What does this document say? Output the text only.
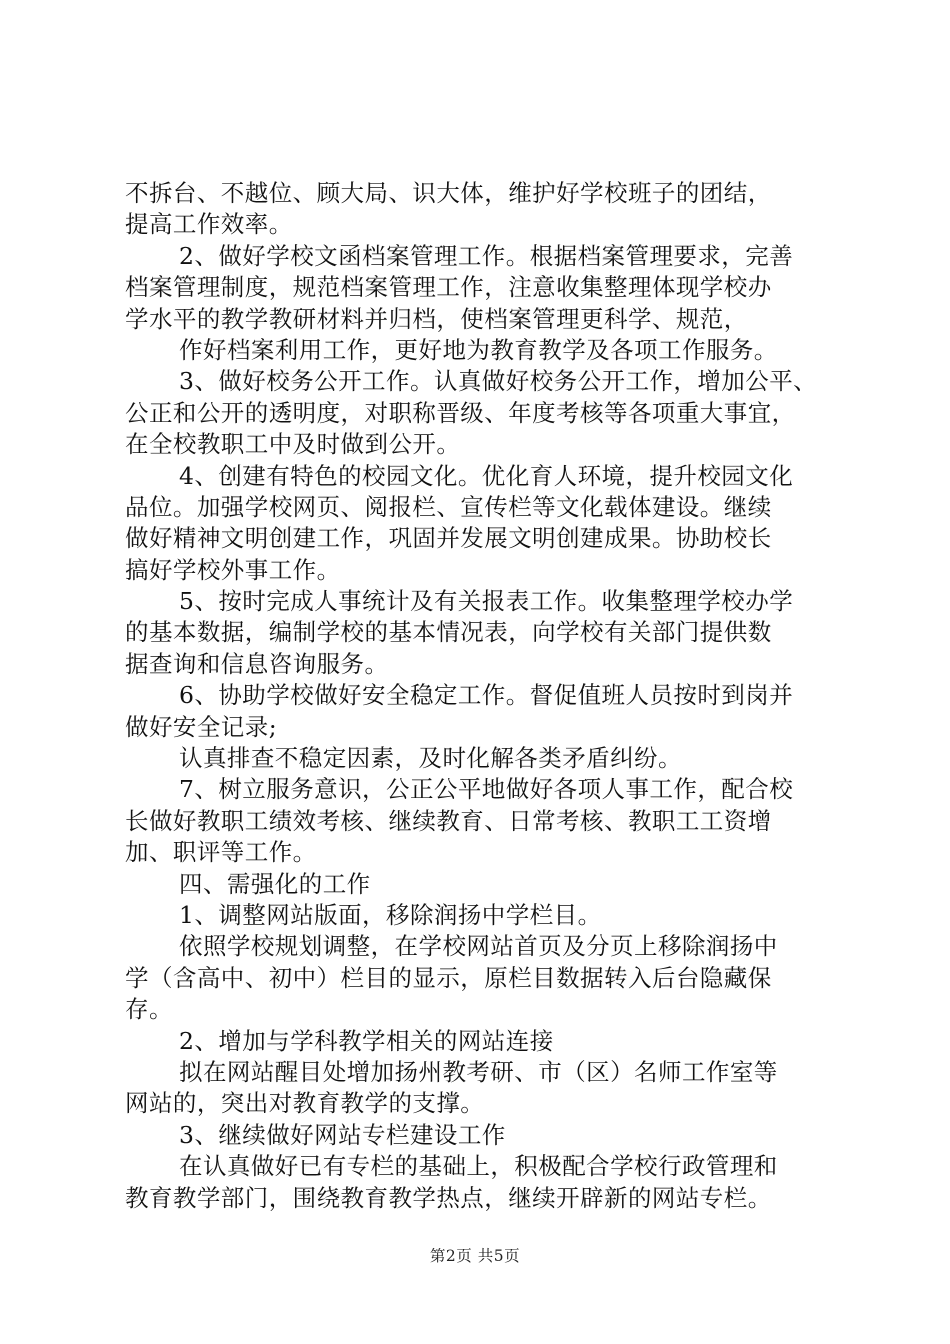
不拆台、不越位、顾大局、识大体，维护好学校班子的团结，
提高工作效率。
2、做好学校文函档案管理工作。根据档案管理要求，完善
档案管理制度，规范档案管理工作，注意收集整理体现学校办
学水平的教学教研材料并归档，使档案管理更科学、规范，
作好档案利用工作，更好地为教育教学及各项工作服务。
3、做好校务公开工作。认真做好校务公开工作，增加公平、
公正和公开的透明度，对职称晋级、年度考核等各项重大事宜，
在全校教职工中及时做到公开。
4、创建有特色的校园文化。优化育人环境，提升校园文化
品位。加强学校网页、阅报栏、宣传栏等文化载体建设。继续
做好精神文明创建工作，巩固并发展文明创建成果。协助校长
搞好学校外事工作。
5、按时完成人事统计及有关报表工作。收集整理学校办学
的基本数据，编制学校的基本情况表，向学校有关部门提供数
据查询和信息咨询服务。
6、协助学校做好安全稳定工作。督促值班人员按时到岗并
做好安全记录;
认真排查不稳定因素，及时化解各类矛盾纠纷。
7、树立服务意识，公正公平地做好各项人事工作，配合校
长做好教职工绩效考核、继续教育、日常考核、教职工工资增
加、职评等工作。
四、需强化的工作
1、调整网站版面，移除润扬中学栏目。
依照学校规划调整，在学校网站首页及分页上移除润扬中
学（含高中、初中）栏目的显示，原栏目数据转入后台隐藏保
存。
2、增加与学科教学相关的网站连接
拟在网站醒目处增加扬州教考研、市（区）名师工作室等
网站的，突出对教育教学的支撑。
3、继续做好网站专栏建设工作
在认真做好已有专栏的基础上，积极配合学校行政管理和
教育教学部门，围绕教育教学热点，继续开辟新的网站专栏。
第2页 共5页
